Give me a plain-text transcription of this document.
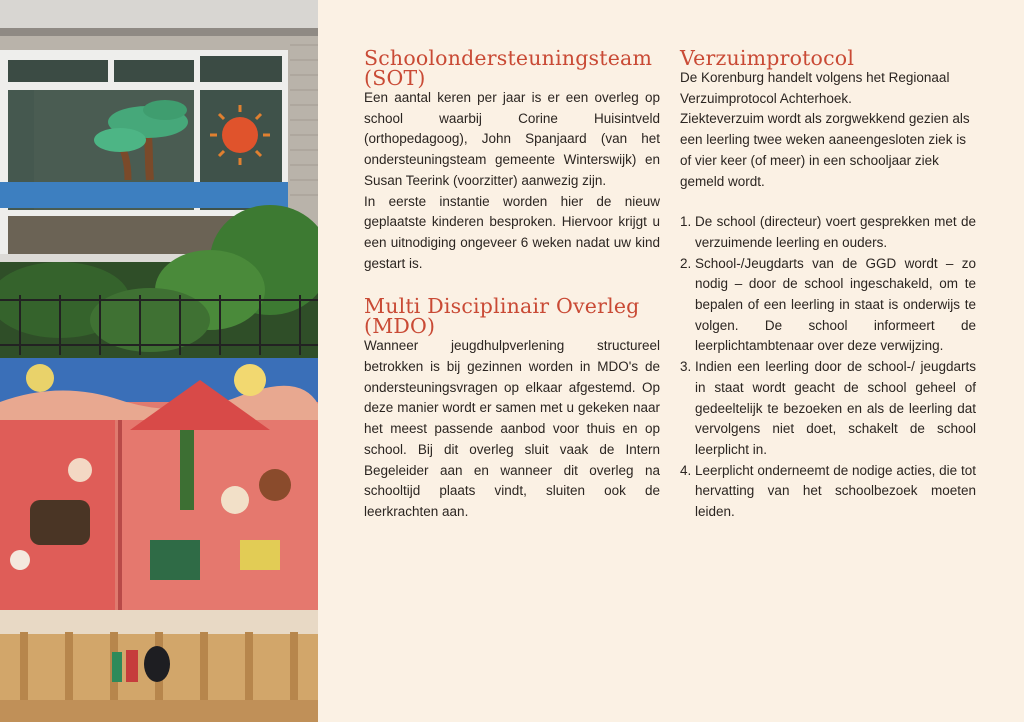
Schoolondersteuningsteam (SOT)

Een aantal keren per jaar is er een overleg op school waarbij Corine Huisintveld (orthopedagoog), John Spanjaard (van het ondersteuningsteam gemeente Winterswijk) en Susan Teerink (voorzitter) aanwezig zijn.

In eerste instantie worden hier de nieuw geplaatste kinderen besproken. Hiervoor krijgt u een uitnodiging ongeveer 6 weken nadat uw kind gestart is.

Multi Disciplinair Overleg (MDO)

Wanneer jeugdhulpverlening structureel betrokken is bij gezinnen worden in MDO's de ondersteuningsvragen op elkaar afgestemd. Op deze manier wordt er samen met u gekeken naar het meest passende aanbod voor thuis en op school. Bij dit overleg sluit vaak de Intern Begeleider aan en wanneer dit overleg na schooltijd plaats vindt, sluiten ook de leerkrachten aan.

Verzuimprotocol

De Korenburg handelt volgens het Regionaal Verzuimprotocol Achterhoek.

Ziekteverzuim wordt als zorgwekkend gezien als een leerling twee weken aaneengesloten ziek is of vier keer (of meer) in een schooljaar ziek gemeld wordt.

1. De school (directeur) voert gesprekken met de verzuimende leerling en ouders.
2. School-/Jeugdarts van de GGD wordt – zo nodig – door de school ingeschakeld, om te bepalen of een leerling in staat is onderwijs te volgen. De school informeert de leerplichtambtenaar over deze verwijzing.
3. Indien een leerling door de school-/ jeugdarts in staat wordt geacht de school geheel of gedeeltelijk te bezoeken en als de leerling dat vervolgens niet doet, schakelt de school leerplicht in.
4. Leerplicht onderneemt de nodige acties, die tot hervatting van het schoolbezoek moeten leiden.
